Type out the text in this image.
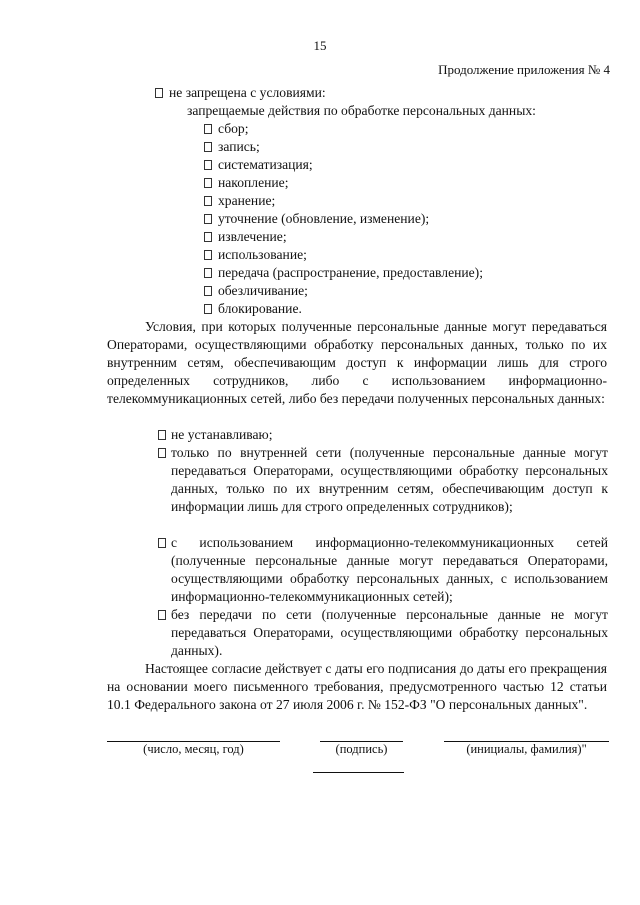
15
Продолжение приложения № 4
не запрещена с условиями:
запрещаемые действия по обработке персональных данных:
сбор;
запись;
систематизация;
накопление;
хранение;
уточнение (обновление, изменение);
извлечение;
использование;
передача (распространение, предоставление);
обезличивание;
блокирование.
Условия, при которых полученные персональные данные могут передаваться Операторами, осуществляющими обработку персональных данных, только по их внутренним сетям, обеспечивающим доступ к информации лишь для строго определенных сотрудников, либо с использованием информационно-телекоммуникационных сетей, либо без передачи полученных персональных данных:
не устанавливаю;
только по внутренней сети (полученные персональные данные могут передаваться Операторами, осуществляющими обработку персональных данных, только по их внутренним сетям, обеспечивающим доступ к информации лишь для строго определенных сотрудников);
с использованием информационно-телекоммуникационных сетей (полученные персональные данные могут передаваться Операторами, осуществляющими обработку персональных данных, с использованием информационно-телекоммуникационных сетей);
без передачи по сети (полученные персональные данные не могут передаваться Операторами, осуществляющими обработку персональных данных).
Настоящее согласие действует с даты его подписания до даты его прекращения на основании моего письменного требования, предусмотренного частью 12 статьи 10.1 Федерального закона от 27 июля 2006 г. № 152-ФЗ "О персональных данных".
(число, месяц, год)	(подпись)	(инициалы, фамилия)"
